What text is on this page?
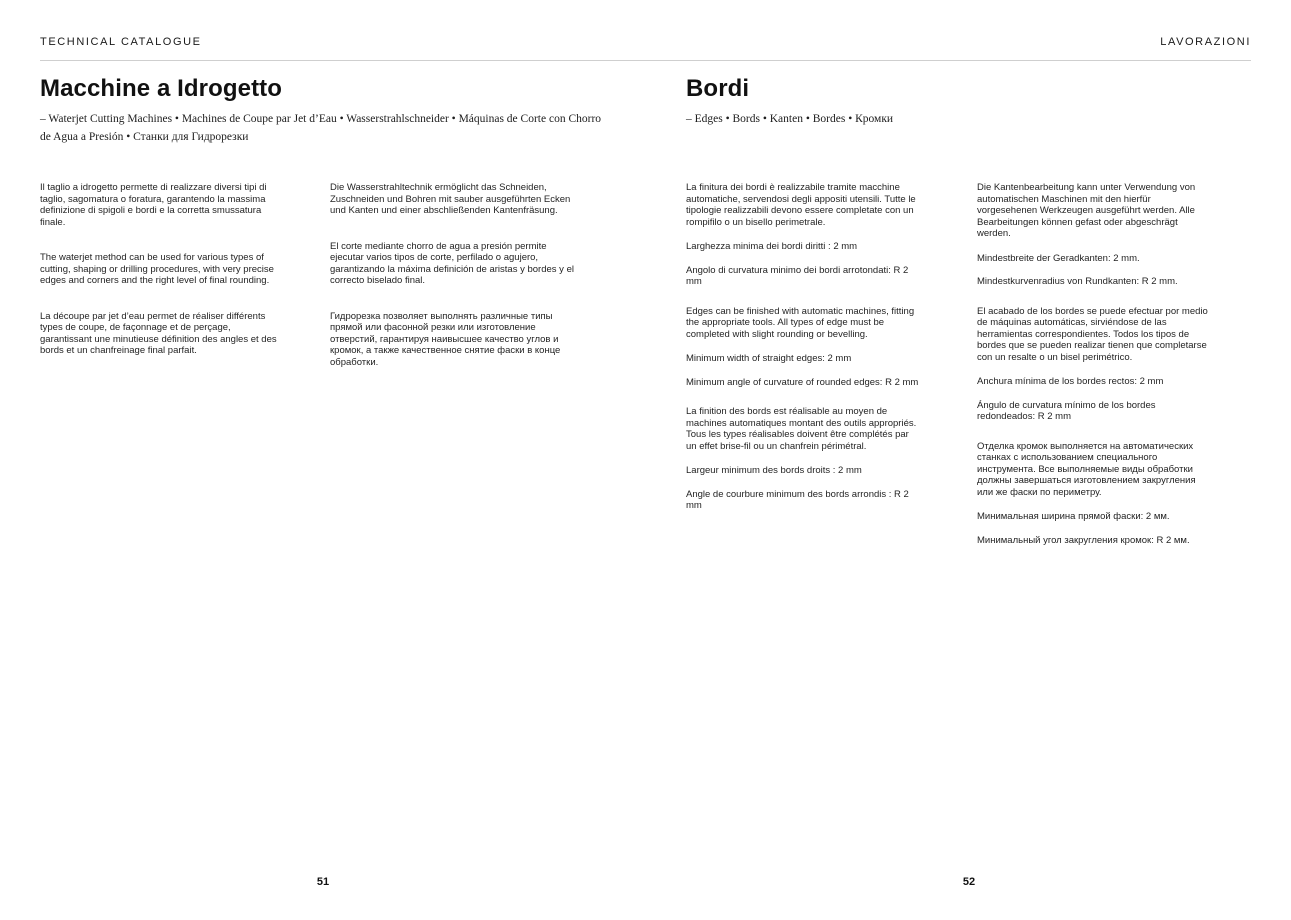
TECHNICAL CATALOGUE	LAVORAZIONI
Macchine a Idrogetto

– Waterjet Cutting Machines • Machines de Coupe par Jet d’Eau • Wasserstrahlschneider • Máquinas de Corte con Chorro de Agua a Presión • Станки для Гидрорезки

Il taglio a idrogetto permette di realizzare diversi tipi di taglio, sagomatura o foratura, garantendo la massima definizione di spigoli e bordi e la corretta smussatura finale.

The waterjet method can be used for various types of cutting, shaping or drilling procedures, with very precise edges and corners and the right level of final rounding.

La découpe par jet d’eau permet de réaliser différents types de coupe, de façonnage et de perçage, garantissant une minutieuse définition des angles et des bords et un chanfreinage final parfait.

Die Wasserstrahltechnik ermöglicht das Schneiden, Zuschneiden und Bohren mit sauber ausgeführten Ecken und Kanten und einer abschließenden Kantenfräsung.

El corte mediante chorro de agua a presión permite ejecutar varios tipos de corte, perfilado o agujero, garantizando la máxima definición de aristas y bordes y el correcto biselado final.

Гидрорезка позволяет выполнять различные типы прямой или фасонной резки или изготовление отверстий, гарантируя наивысшее качество углов и кромок, а также качественное снятие фаски в конце обработки.

Bordi

– Edges • Bords • Kanten • Bordes • Кромки

La finitura dei bordi è realizzabile tramite macchine automatiche, servendosi degli appositi utensili. Tutte le tipologie realizzabili devono essere completate con un rompifilo o un bisello perimetrale.

Larghezza minima dei bordi diritti : 2 mm

Angolo di curvatura minimo dei bordi arrotondati: R 2 mm

Edges can be finished with automatic machines, fitting the appropriate tools. All types of edge must be completed with slight rounding or bevelling.

Minimum width of straight edges: 2 mm

Minimum angle of curvature of rounded edges: R 2 mm

La finition des bords est réalisable au moyen de machines automatiques montant des outils appropriés. Tous les types réalisables doivent être complétés par un effet brise-fil ou un chanfrein périmétral.

Largeur minimum des bords droits : 2 mm

Angle de courbure minimum des bords arrondis : R 2 mm

Die Kantenbearbeitung kann unter Verwendung von automatischen Maschinen mit den hierfür vorgesehenen Werkzeugen ausgeführt werden. Alle Bearbeitungen können gefast oder abgeschrägt werden.

Mindestbreite der Geradkanten: 2 mm.

Mindestkurvenradius von Rundkanten: R 2 mm.

El acabado de los bordes se puede efectuar por medio de máquinas automáticas, sirviéndose de las herramientas correspondientes. Todos los tipos de bordes que se pueden realizar tienen que completarse con un resalte o un bisel perimétrico.

Anchura mínima de los bordes rectos: 2 mm

Ángulo de curvatura mínimo de los bordes redondeados: R 2 mm

Отделка кромок выполняется на автоматических станках с использованием специального инструмента. Все выполняемые виды обработки должны завершаться изготовлением закругления или же фаски по периметру.

Минимальная ширина прямой фаски: 2 мм.

Минимальный угол закругления кромок: R 2 мм.

51	52
